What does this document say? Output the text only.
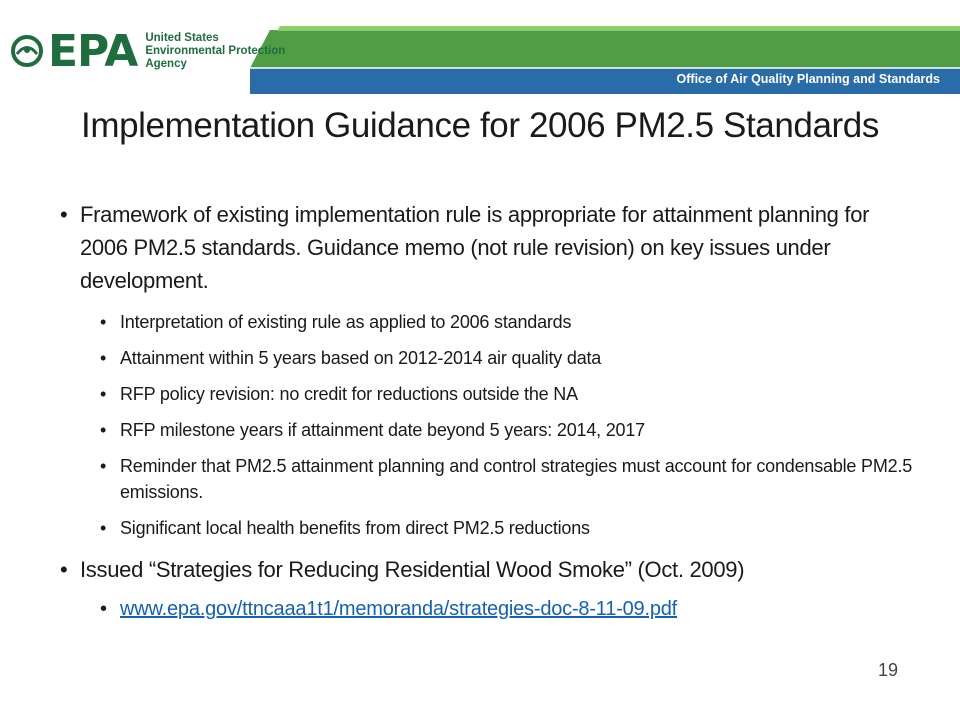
EPA United States
Environmental Protection
Agency
Office of Air Quality Planning and Standards
Implementation Guidance for 2006 PM2.5 Standards
• Framework of existing implementation rule is appropriate for attainment planning for 2006 PM2.5 standards. Guidance memo (not rule revision) on key issues under development.
• Interpretation of existing rule as applied to 2006 standards
• Attainment within 5 years based on 2012-2014 air quality data
• RFP policy revision: no credit for reductions outside the NA
• RFP milestone years if attainment date beyond 5 years: 2014, 2017
• Reminder that PM2.5 attainment planning and control strategies must account for condensable PM2.5 emissions.
• Significant local health benefits from direct PM2.5 reductions
• Issued “Strategies for Reducing Residential Wood Smoke” (Oct. 2009)
• www.epa.gov/ttncaaa1t1/memoranda/strategies-doc-8-11-09.pdf
19
